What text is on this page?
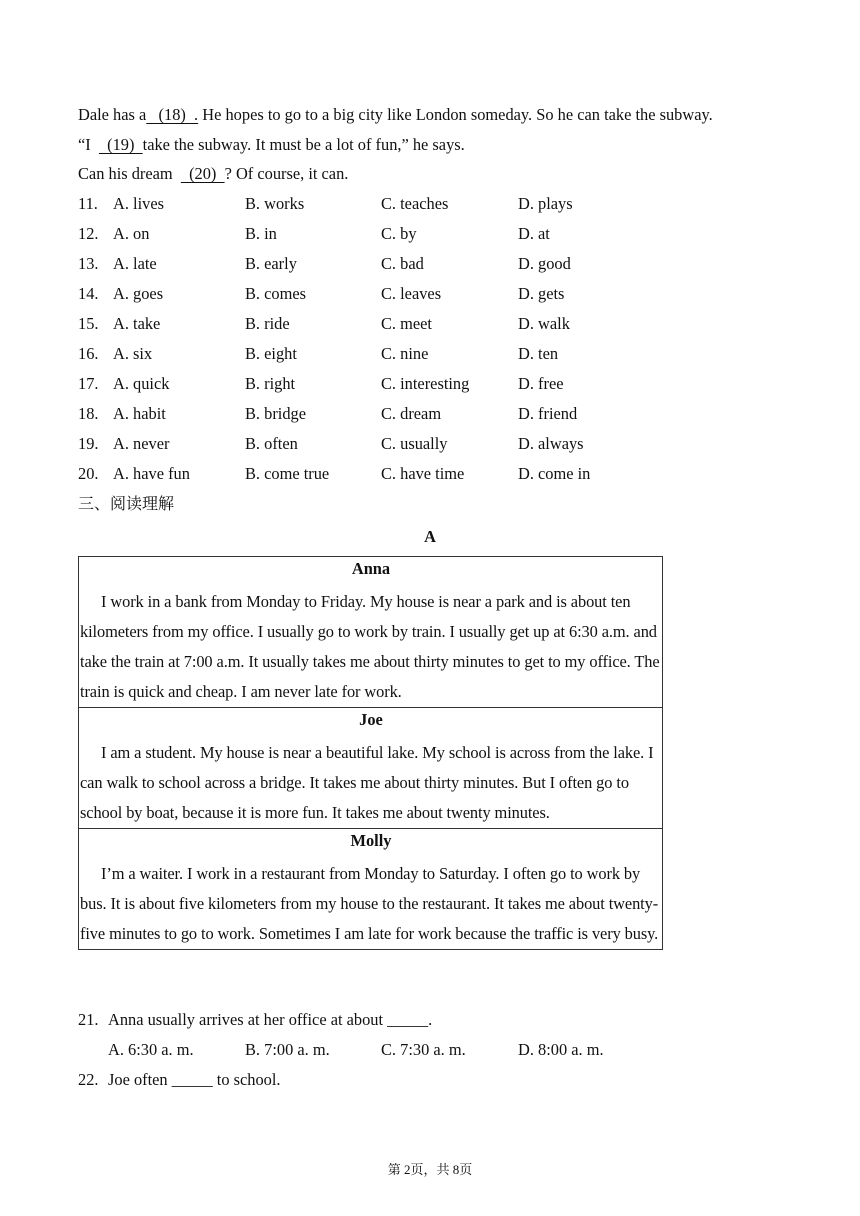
Dale has a   (18)  . He hopes to go to a big city like London someday. So he can take the subway.
“I    (19)  take the subway. It must be a lot of fun,” he says.
Can his dream    (20)  ? Of course, it can.
11. A. lives	B. works	C. teaches	D. plays
12. A. on	B. in	C. by	D. at
13. A. late	B. early	C. bad	D. good
14. A. goes	B. comes	C. leaves	D. gets
15. A. take	B. ride	C. meet	D. walk
16. A. six	B. eight	C. nine	D. ten
17. A. quick	B. right	C. interesting	D. free
18. A. habit	B. bridge	C. dream	D. friend
19. A. never	B. often	C. usually	D. always
20. A. have fun	B. come true	C. have time	D. come in
三、阅读理解
A
Anna
I work in a bank from Monday to Friday. My house is near a park and is about ten kilometers from my office. I usually go to work by train. I usually get up at 6:30 a.m. and take the train at 7:00 a.m. It usually takes me about thirty minutes to get to my office. The train is quick and cheap. I am never late for work.

Joe
I am a student. My house is near a beautiful lake. My school is across from the lake. I can walk to school across a bridge. It takes me about thirty minutes. But I often go to school by boat, because it is more fun. It takes me about twenty minutes.

Molly
I’m a waiter. I work in a restaurant from Monday to Saturday. I often go to work by bus. It is about five kilometers from my house to the restaurant. It takes me about twenty-five minutes to go to work. Sometimes I am late for work because the traffic is very busy.
21. Anna usually arrives at her office at about _____.
A. 6:30 a. m.	B. 7:00 a. m.	C. 7:30 a. m.	D. 8:00 a. m.
22. Joe often _____ to school.
第 2页，共 8页
